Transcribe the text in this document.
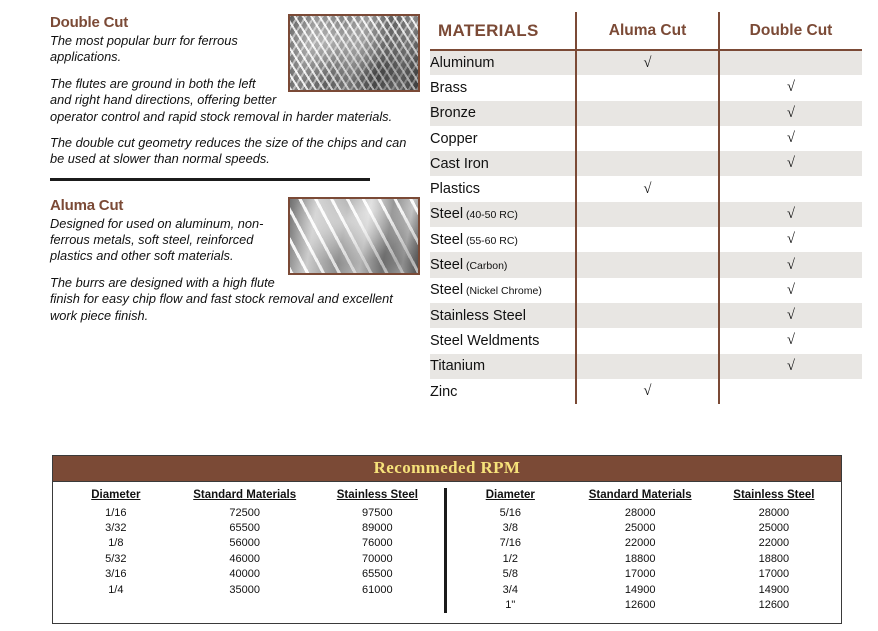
Double Cut

The most popular burr for ferrous applications.

The flutes are ground in both the left and right hand directions, offering better operator control and rapid stock removal in harder materials.

The double cut geometry reduces the size of the chips and can be used at slower than normal speeds.

Aluma Cut

Designed for used on aluminum, non-ferrous metals, soft steel, reinforced plastics and other soft materials.

The burrs are designed with a high flute finish for easy chip flow and fast stock removal and excellent work piece finish.

MATERIALS	Aluma Cut	Double Cut
Aluminum	√	
Brass		√
Bronze		√
Copper		√
Cast Iron		√
Plastics	√	
Steel (40-50 RC)		√
Steel (55-60 RC)		√
Steel (Carbon)		√
Steel (Nickel Chrome)		√
Stainless Steel		√
Steel Weldments		√
Titanium		√
Zinc	√	
Recommeded RPM
Diameter	Standard Materials	Stainless Steel
1/16	72500	97500
3/32	65500	89000
1/8	56000	76000
5/32	46000	70000
3/16	40000	65500
1/4	35000	61000
Diameter	Standard Materials	Stainless Steel
5/16	28000	28000
3/8	25000	25000
7/16	22000	22000
1/2	18800	18800
5/8	17000	17000
3/4	14900	14900
1"	12600	12600
